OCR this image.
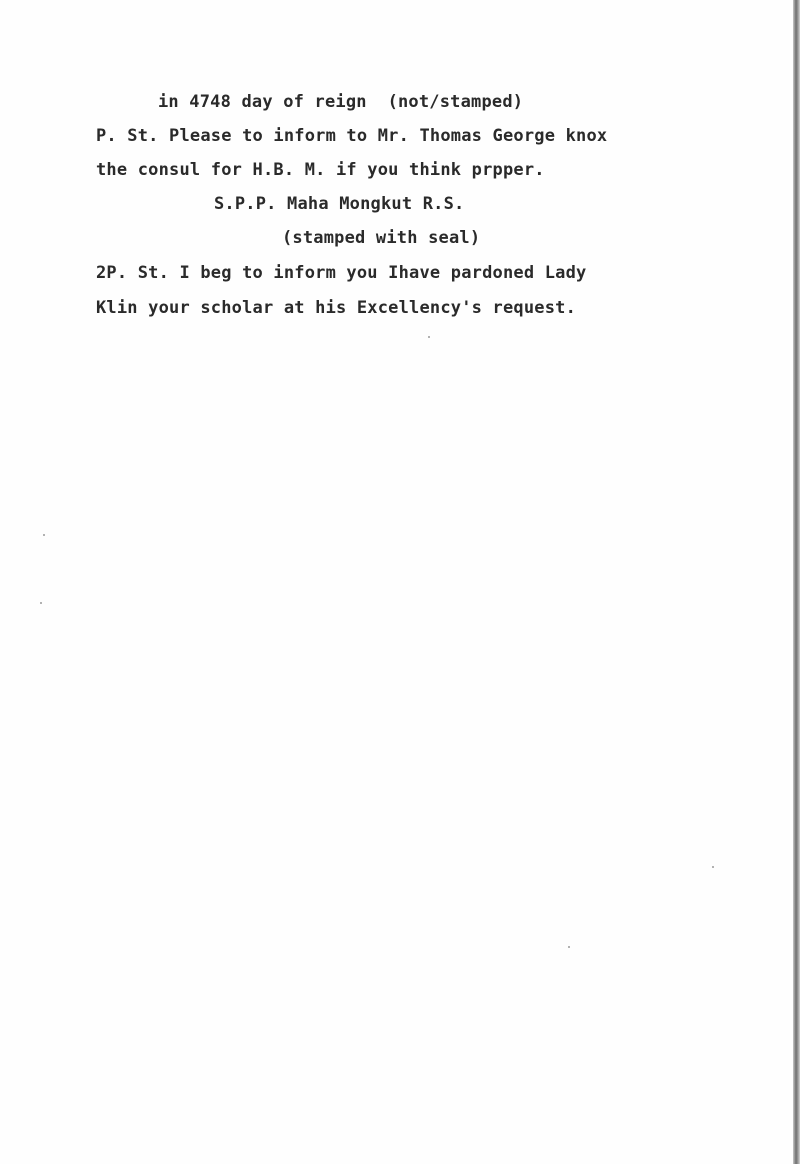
in 4748 day of reign  (not/stamped)

P. St. Please to inform to Mr. Thomas George knox

the consul for H.B. M. if you think prpper.

S.P.P. Maha Mongkut R.S.

(stamped with seal)

2P. St. I beg to inform you Ihave pardoned Lady

Klin your scholar at his Excellency's request.
